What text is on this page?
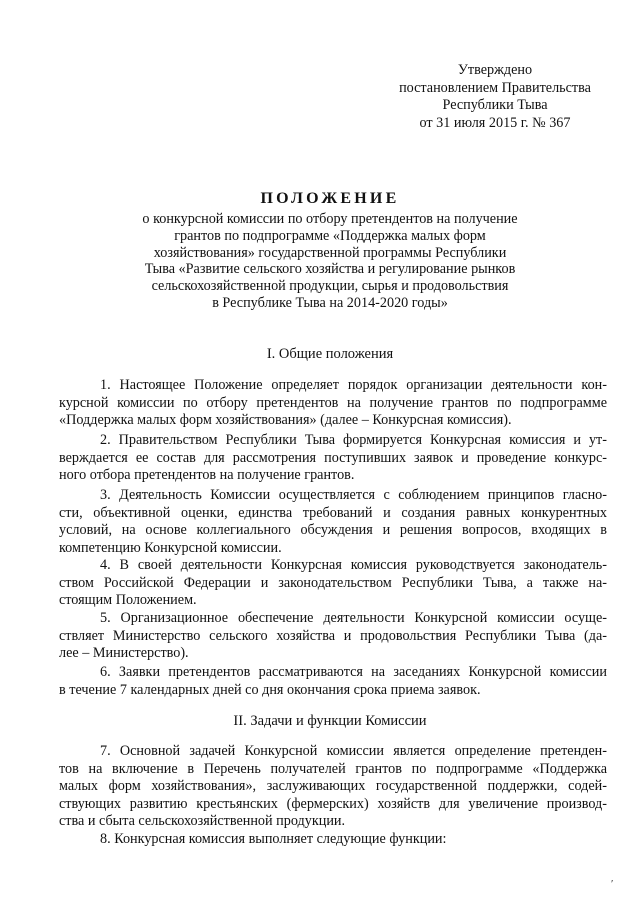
Утверждено
постановлением Правительства
Республики Тыва
от 31 июля 2015 г. № 367
ПОЛОЖЕНИЕ
о конкурсной комиссии по отбору претендентов на получение
грантов по подпрограмме «Поддержка малых форм
хозяйствования» государственной программы Республики
Тыва «Развитие сельского хозяйства и регулирование рынков
сельскохозяйственной продукции, сырья и продовольствия
в Республике Тыва на 2014-2020 годы»
I. Общие положения
1. Настоящее Положение определяет порядок организации деятельности кон-
курсной комиссии по отбору претендентов на получение грантов по подпрограмме
«Поддержка малых форм хозяйствования» (далее – Конкурсная комиссия).
2. Правительством Республики Тыва формируется Конкурсная комиссия и ут-
верждается ее состав для рассмотрения поступивших заявок и проведение конкурс-
ного отбора претендентов на получение грантов.
3. Деятельность Комиссии осуществляется с соблюдением принципов гласно-
сти, объективной оценки, единства требований и создания равных конкурентных
условий, на основе коллегиального обсуждения и решения вопросов, входящих в
компетенцию Конкурсной комиссии.
4. В своей деятельности Конкурсная комиссия руководствуется законодатель-
ством Российской Федерации и законодательством Республики Тыва, а также на-
стоящим Положением.
5. Организационное обеспечение деятельности Конкурсной комиссии осуще-
ствляет Министерство сельского хозяйства и продовольствия Республики Тыва (да-
лее – Министерство).
6. Заявки претендентов рассматриваются на заседаниях Конкурсной комиссии
в течение 7 календарных дней со дня окончания срока приема заявок.
II. Задачи и функции Комиссии
7. Основной задачей Конкурсной комиссии является определение претенден-
тов на включение в Перечень получателей грантов по подпрограмме «Поддержка
малых форм хозяйствования», заслуживающих государственной поддержки, содей-
ствующих развитию крестьянских (фермерских) хозяйств для увеличение производ-
ства и сбыта сельскохозяйственной продукции.
8. Конкурсная комиссия выполняет следующие функции:
′
